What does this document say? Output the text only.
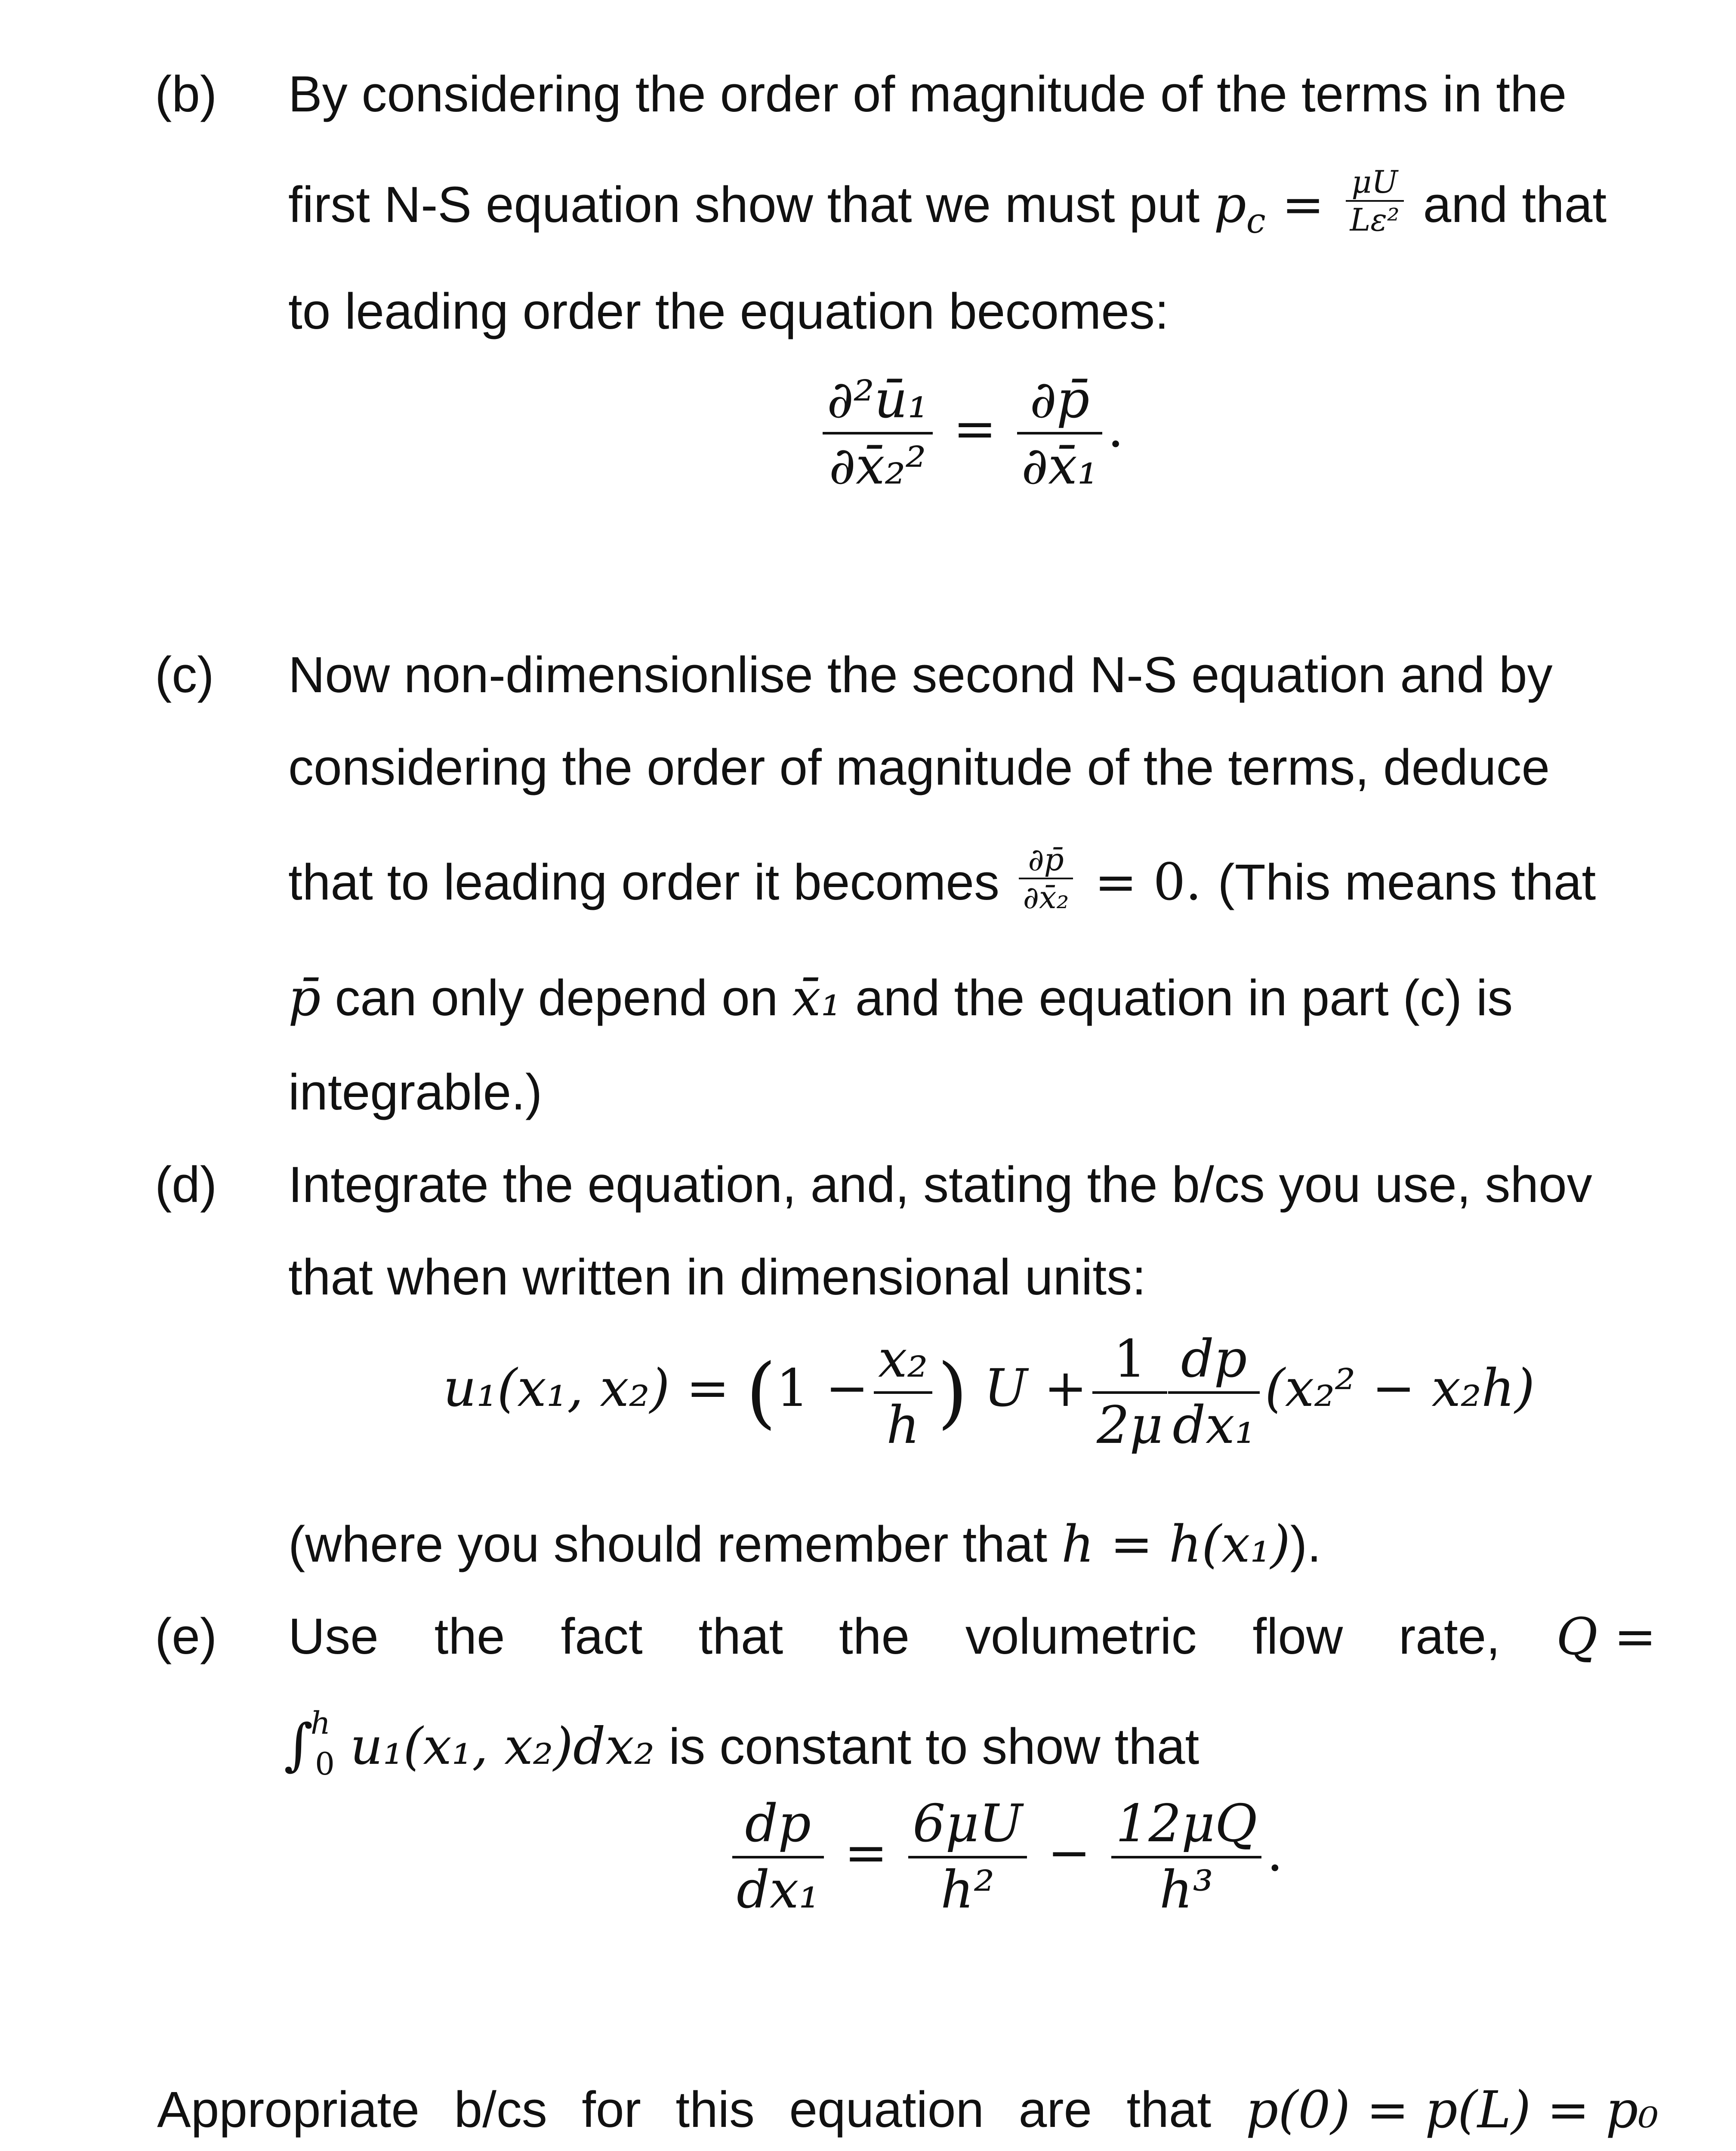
(b) By considering the order of magnitude of the terms in the
first N-S equation show that we must put $p_c = \frac{\mu U}{\text{Lε²}}$ and that
to leading order the equation becomes:
$\frac{\text{∂²ū₁}}{\text{∂x̄₂²}} = \frac{\partial p̄}{\text{∂x̄₁}}$ .
(c) Now non-dimensionlise the second N-S equation and by
considering the order of magnitude of the terms, deduce
that to leading order it becomes $\frac{\partial p̄}{\text{∂x̄₂}} = 0$. (This means that
p̄ can only depend on x̄₁ and the equation in part (c) is
integrable.)
(d) Integrate the equation, and, stating the b/cs you use, shov
that when written in dimensional units:
u₁(x₁, $x_2) = (1 - \frac{\text{x₂}}{h}$ ) $U + \frac{1}{2\mu} \frac{dp}{\text{dx₁}} (x_2^2 - x_2h)$
(where you should remember that h = h(x₁)).
(e) Use the fact that the volumetric flow rate, Q =
∫$^h_0$ u₁(x₁, x₂)dx₂ is constant to show that
$\frac{dp}{\text{dx₁}} = \frac{6\mu U}{\text{h²}} - \frac{12\mu Q}{\text{h³}}$ .
Appropriate b/cs for this equation are that p(0) = p(L) = p₀
